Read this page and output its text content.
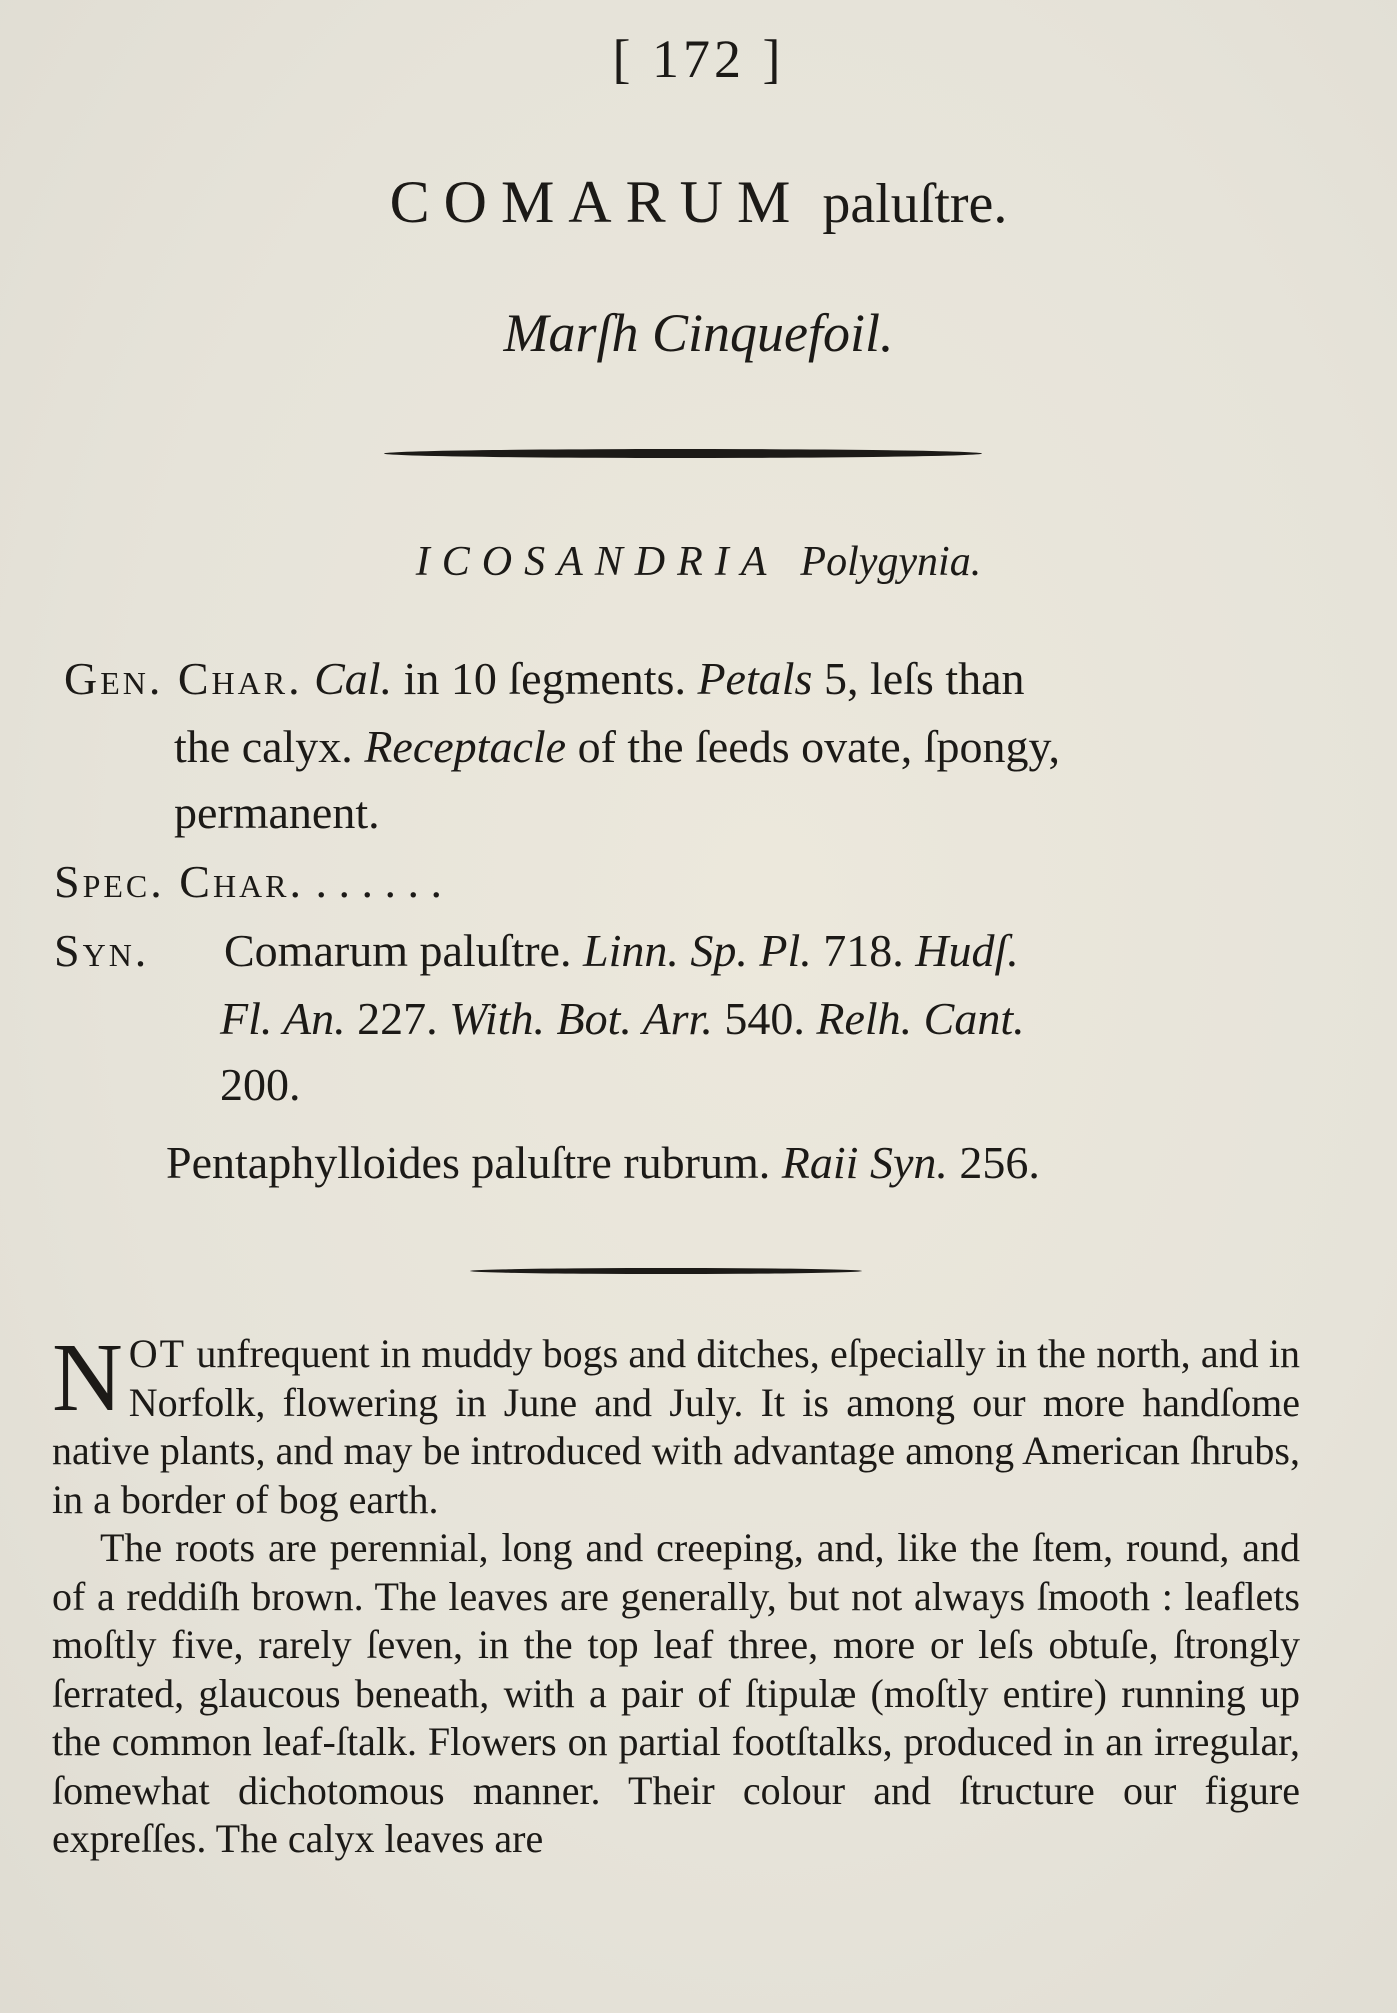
[ 172 ]
COMARUM paluſtre.
Marſh Cinquefoil.
ICOSANDRIA Polygynia.
Gen. Char. Cal. in 10 ſegments. Petals 5, leſs than
the calyx. Receptacle of the ſeeds ovate, ſpongy,
permanent.
Spec. Char. . . . . . .
Syn. Comarum paluſtre. Linn. Sp. Pl. 718. Hudſ.
Fl. An. 227. With. Bot. Arr. 540. Relh. Cant.
200.
Pentaphylloides paluſtre rubrum. Raii Syn. 256.

NOT unfrequent in muddy bogs and ditches, eſpecially in the north, and in Norfolk, flowering in June and July. It is among our more handſome native plants, and may be introduced with advantage among American ſhrubs, in a border of bog earth.

The roots are perennial, long and creeping, and, like the ſtem, round, and of a reddiſh brown. The leaves are generally, but not always ſmooth : leaflets moſtly five, rarely ſeven, in the top leaf three, more or leſs obtuſe, ſtrongly ſerrated, glaucous beneath, with a pair of ſtipulæ (moſtly entire) running up the common leaf-ſtalk. Flowers on partial footſtalks, produced in an irregular, ſomewhat dichotomous manner. Their colour and ſtructure our figure expreſſes. The calyx leaves are
